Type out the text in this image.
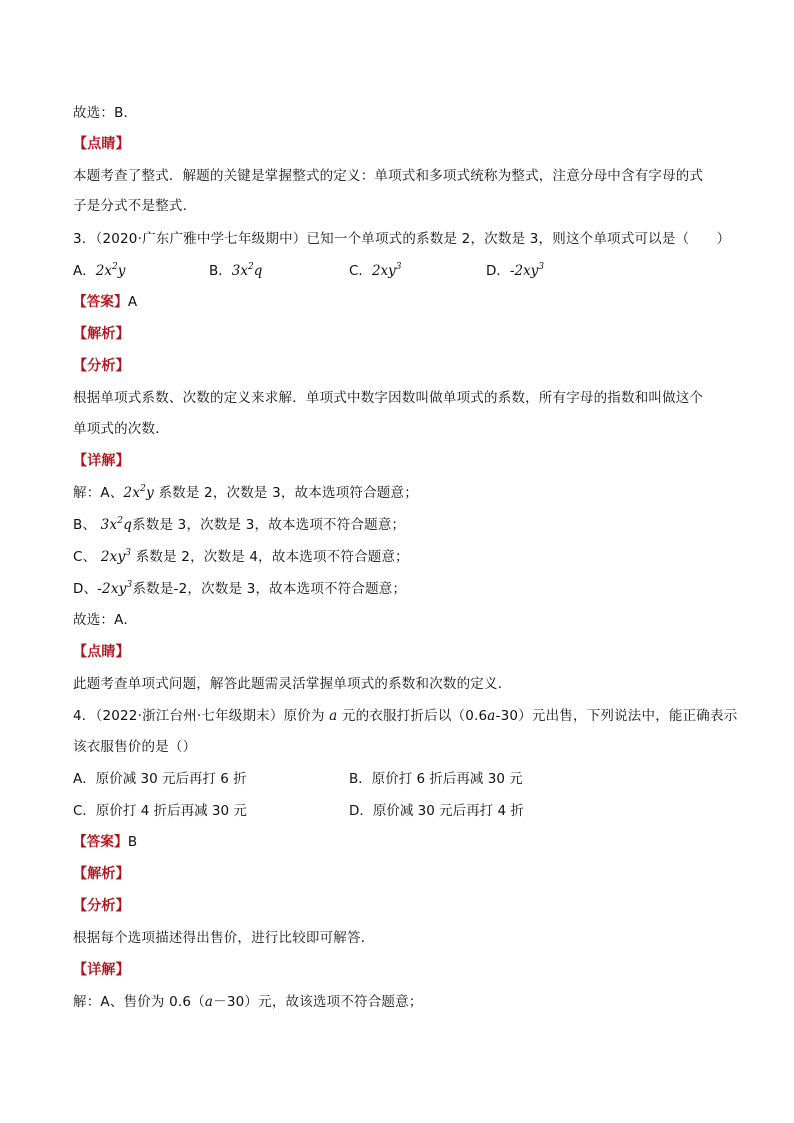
故选：B．
【点睛】
本题考查了整式．解题的关键是掌握整式的定义：单项式和多项式统称为整式，注意分母中含有字母的式
子是分式不是整式．
3．（2020·广东广雅中学七年级期中）已知一个单项式的系数是 2，次数是 3，则这个单项式可以是（　　）
A．$2x^2y$	B．$3x^2q$	C．$2xy^3$	D．$-2xy^3$
【答案】A
【解析】
【分析】
根据单项式系数、次数的定义来求解．单项式中数字因数叫做单项式的系数，所有字母的指数和叫做这个
单项式的次数．
【详解】
解：A、$2x^2y$ 系数是 2，次数是 3，故本选项符合题意；
B、 $3x^2q$系数是 3，次数是 3，故本选项不符合题意；
C、 $2xy^3$ 系数是 2，次数是 4，故本选项不符合题意；
D、$-2xy^3$系数是-2，次数是 3，故本选项不符合题意；
故选：A．
【点睛】
此题考查单项式问题，解答此题需灵活掌握单项式的系数和次数的定义．
4．（2022·浙江台州·七年级期末）原价为 a 元的衣服打折后以（0.6a-30）元出售，下列说法中，能正确表示
该衣服售价的是（）
A．原价减 30 元后再打 6 折	B．原价打 6 折后再减 30 元
C．原价打 4 折后再减 30 元	D．原价减 30 元后再打 4 折
【答案】B
【解析】
【分析】
根据每个选项描述得出售价，进行比较即可解答．
【详解】
解：A、售价为 0.6（a－30）元，故该选项不符合题意；
